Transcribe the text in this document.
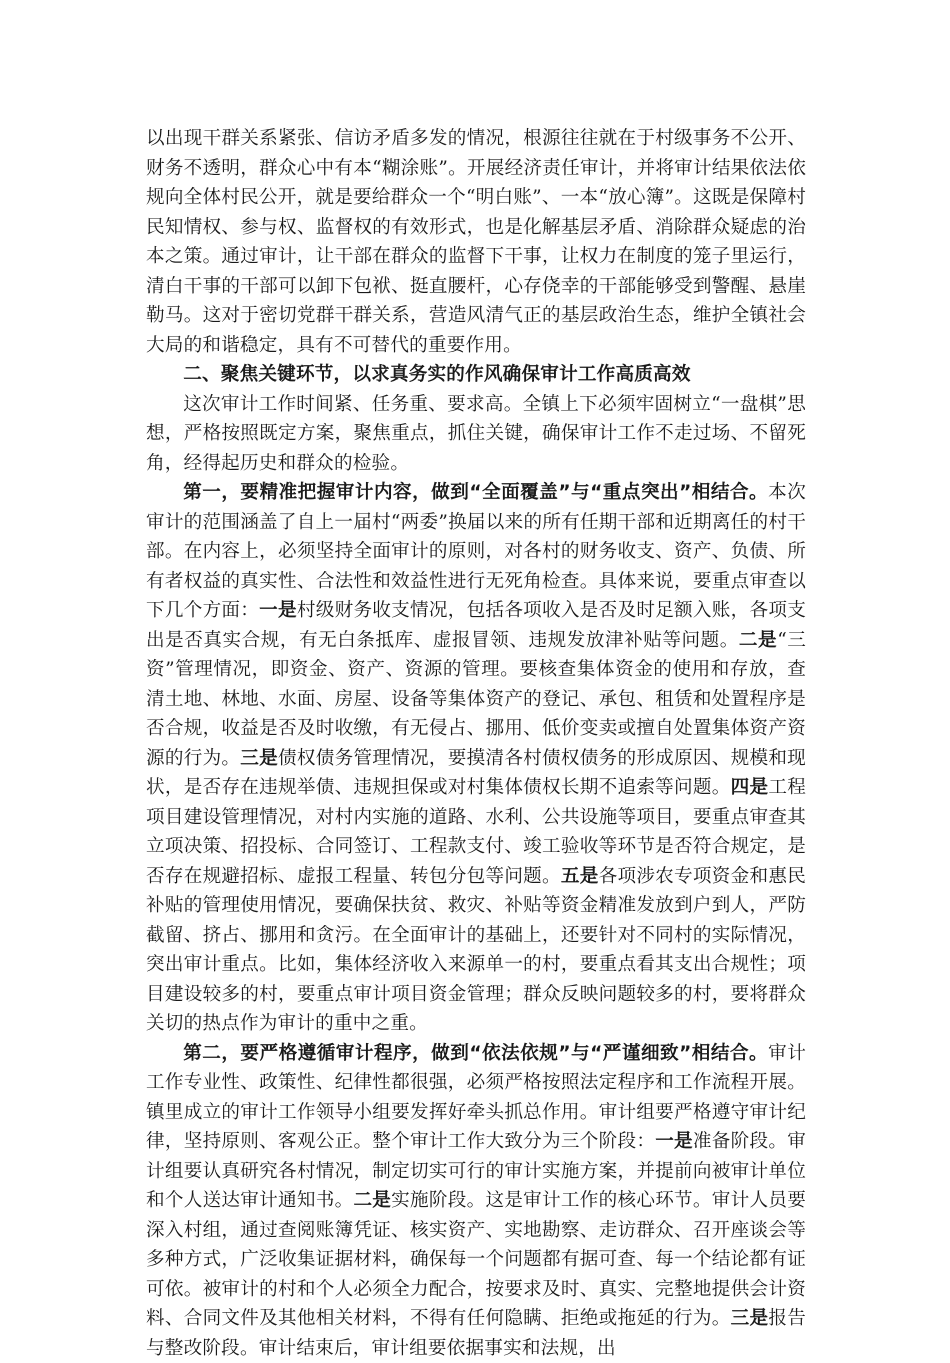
以出现干群关系紧张、信访矛盾多发的情况，根源往往就在于村级事务不公开、财务不透明，群众心中有本“糊涂账”。开展经济责任审计，并将审计结果依法依规向全体村民公开，就是要给群众一个“明白账”、一本“放心簿”。这既是保障村民知情权、参与权、监督权的有效形式，也是化解基层矛盾、消除群众疑虑的治本之策。通过审计，让干部在群众的监督下干事，让权力在制度的笼子里运行，清白干事的干部可以卸下包袱、挺直腰杆，心存侥幸的干部能够受到警醒、悬崖勒马。这对于密切党群干群关系，营造风清气正的基层政治生态，维护全镇社会大局的和谐稳定，具有不可替代的重要作用。

二、聚焦关键环节，以求真务实的作风确保审计工作高质高效

这次审计工作时间紧、任务重、要求高。全镇上下必须牢固树立“一盘棋”思想，严格按照既定方案，聚焦重点，抓住关键，确保审计工作不走过场、不留死角，经得起历史和群众的检验。

第一，要精准把握审计内容，做到“全面覆盖”与“重点突出”相结合。本次审计的范围涵盖了自上一届村“两委”换届以来的所有任期干部和近期离任的村干部。在内容上，必须坚持全面审计的原则，对各村的财务收支、资产、负债、所有者权益的真实性、合法性和效益性进行无死角检查。具体来说，要重点审查以下几个方面：一是村级财务收支情况，包括各项收入是否及时足额入账，各项支出是否真实合规，有无白条抵库、虚报冒领、违规发放津补贴等问题。二是“三资”管理情况，即资金、资产、资源的管理。要核查集体资金的使用和存放，查清土地、林地、水面、房屋、设备等集体资产的登记、承包、租赁和处置程序是否合规，收益是否及时收缴，有无侵占、挪用、低价变卖或擅自处置集体资产资源的行为。三是债权债务管理情况，要摸清各村债权债务的形成原因、规模和现状，是否存在违规举债、违规担保或对村集体债权长期不追索等问题。四是工程项目建设管理情况，对村内实施的道路、水利、公共设施等项目，要重点审查其立项决策、招投标、合同签订、工程款支付、竣工验收等环节是否符合规定，是否存在规避招标、虚报工程量、转包分包等问题。五是各项涉农专项资金和惠民补贴的管理使用情况，要确保扶贫、救灾、补贴等资金精准发放到户到人，严防截留、挤占、挪用和贪污。在全面审计的基础上，还要针对不同村的实际情况，突出审计重点。比如，集体经济收入来源单一的村，要重点看其支出合规性；项目建设较多的村，要重点审计项目资金管理；群众反映问题较多的村，要将群众关切的热点作为审计的重中之重。

第二，要严格遵循审计程序，做到“依法依规”与“严谨细致”相结合。审计工作专业性、政策性、纪律性都很强，必须严格按照法定程序和工作流程开展。镇里成立的审计工作领导小组要发挥好牵头抓总作用。审计组要严格遵守审计纪律，坚持原则、客观公正。整个审计工作大致分为三个阶段：一是准备阶段。审计组要认真研究各村情况，制定切实可行的审计实施方案，并提前向被审计单位和个人送达审计通知书。二是实施阶段。这是审计工作的核心环节。审计人员要深入村组，通过查阅账簿凭证、核实资产、实地勘察、走访群众、召开座谈会等多种方式，广泛收集证据材料，确保每一个问题都有据可查、每一个结论都有证可依。被审计的村和个人必须全力配合，按要求及时、真实、完整地提供会计资料、合同文件及其他相关材料，不得有任何隐瞒、拒绝或拖延的行为。三是报告与整改阶段。审计结束后，审计组要依据事实和法规，出
